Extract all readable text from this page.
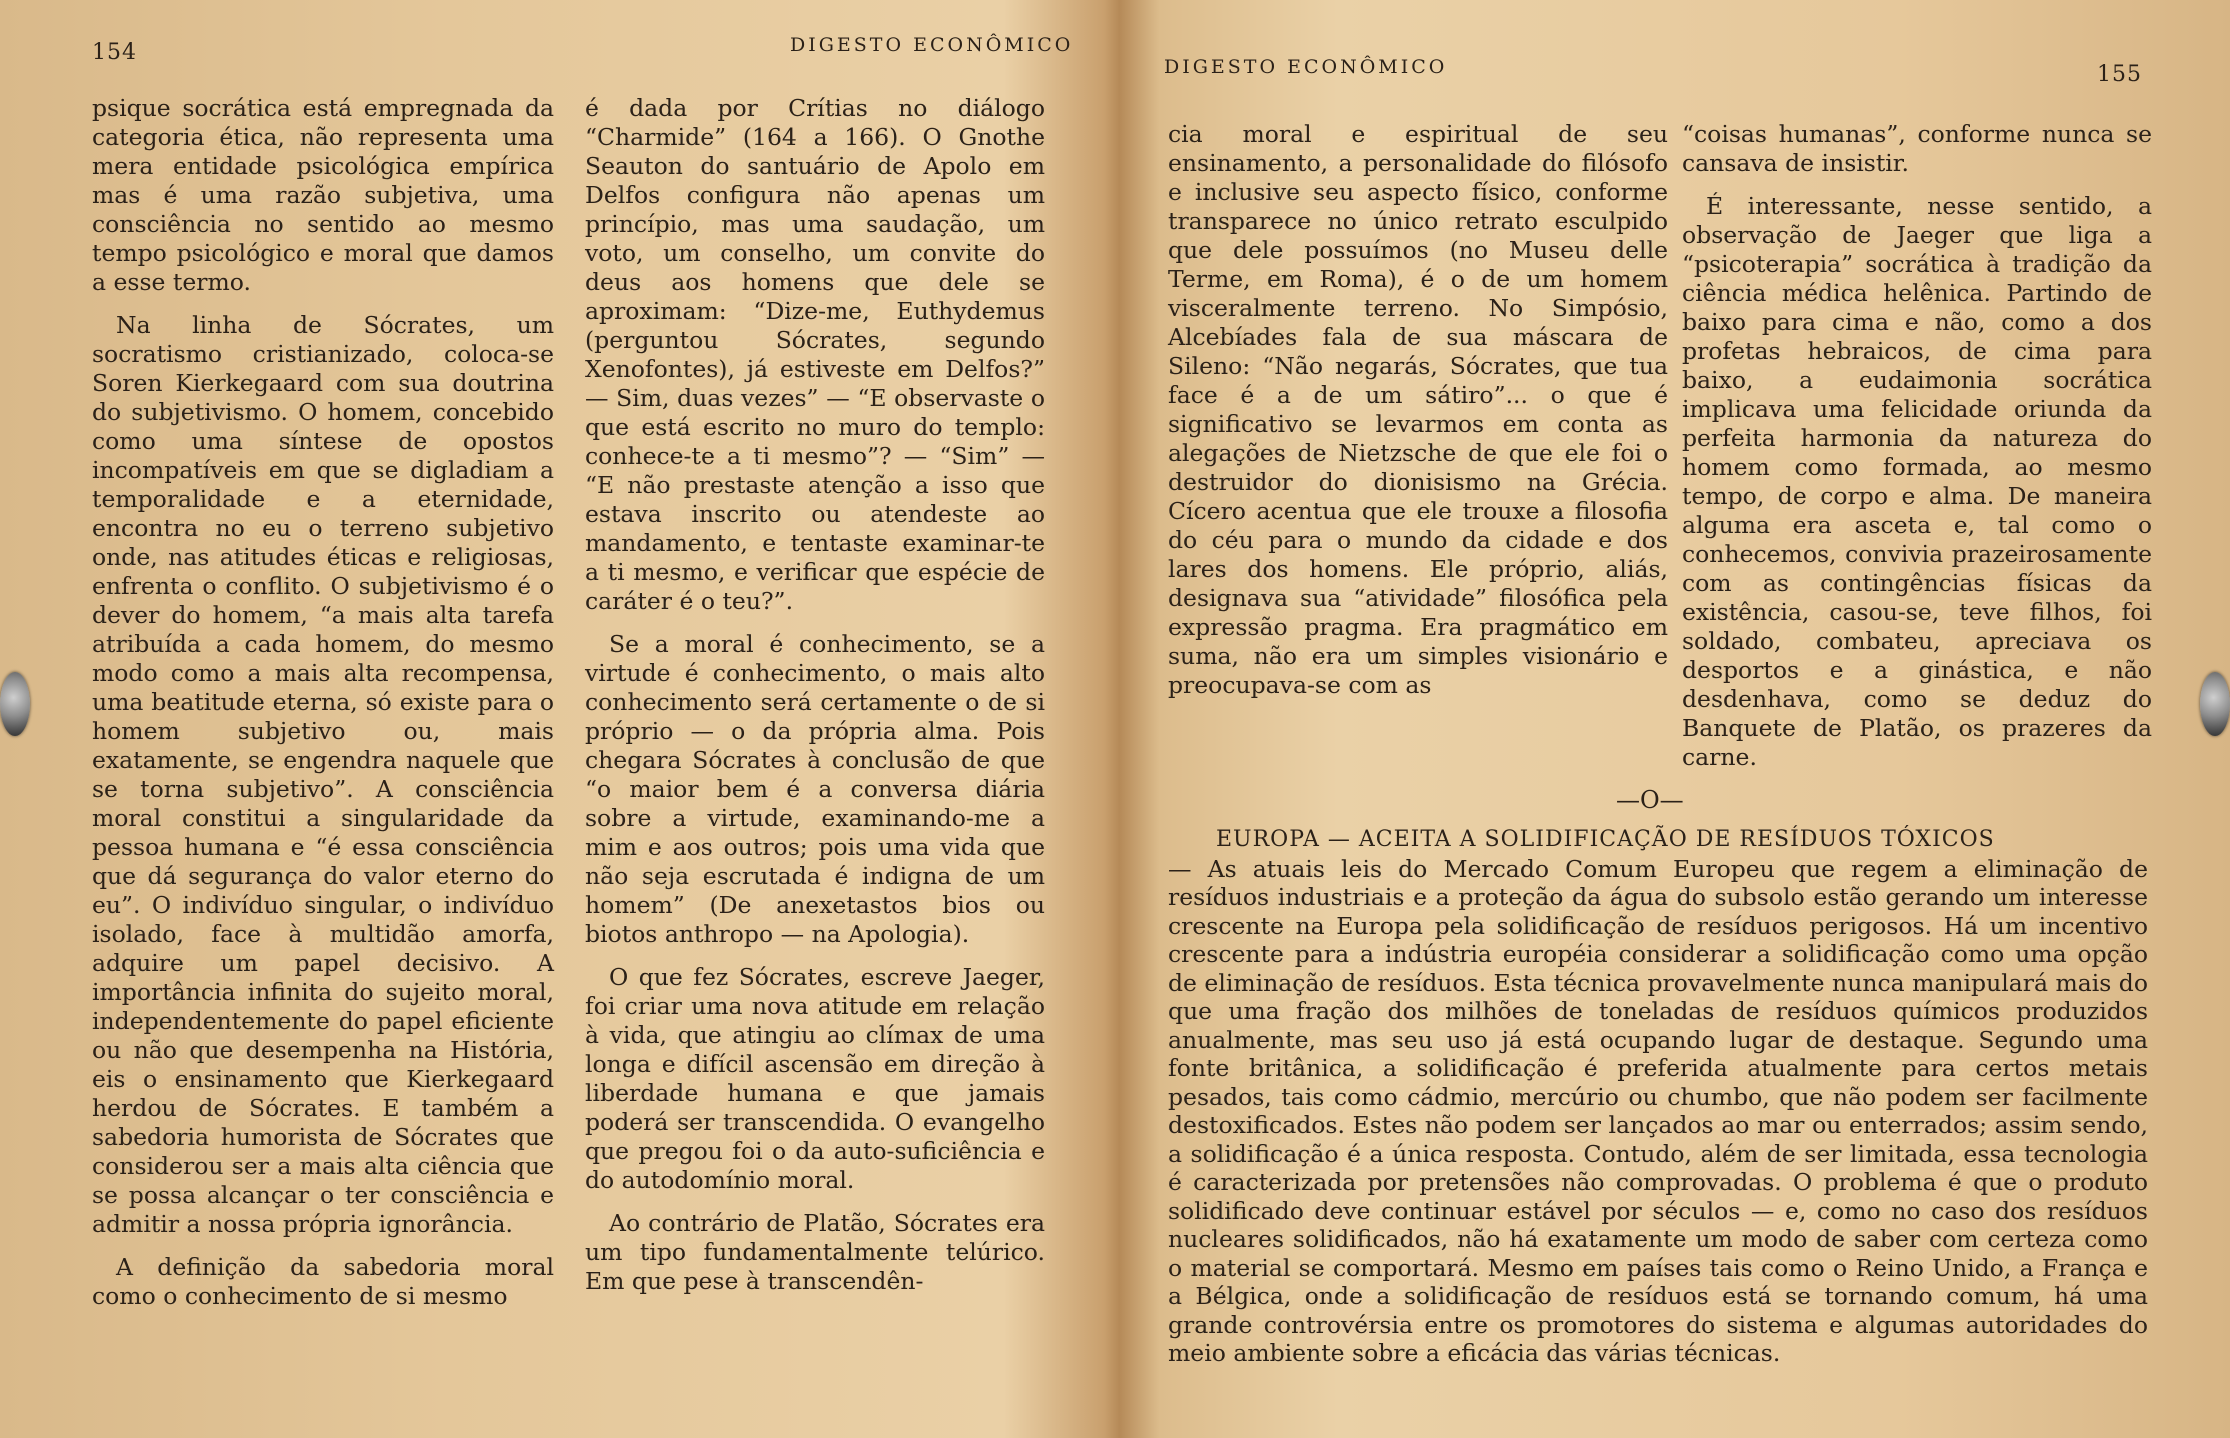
154	DIGESTO ECONÔMICO

psique socrática está empregnada da categoria ética, não representa uma mera entidade psicológica empírica mas é uma razão subjetiva, uma consciência no sentido ao mesmo tempo psicológico e moral que damos a esse termo.

Na linha de Sócrates, um socratismo cristianizado, coloca-se Soren Kierkegaard com sua doutrina do subjetivismo. O homem, concebido como uma síntese de opostos incompatíveis em que se digladiam a temporalidade e a eternidade, encontra no eu o terreno subjetivo onde, nas atitudes éticas e religiosas, enfrenta o conflito. O subjetivismo é o dever do homem, “a mais alta tarefa atribuída a cada homem, do mesmo modo como a mais alta recompensa, uma beatitude eterna, só existe para o homem subjetivo ou, mais exatamente, se engendra naquele que se torna subjetivo”. A consciência moral constitui a singularidade da pessoa humana e “é essa consciência que dá segurança do valor eterno do eu”. O indivíduo singular, o indivíduo isolado, face à multidão amorfa, adquire um papel decisivo. A importância infinita do sujeito moral, independentemente do papel eficiente ou não que desempenha na História, eis o ensinamento que Kierkegaard herdou de Sócrates. E também a sabedoria humorista de Sócrates que considerou ser a mais alta ciência que se possa alcançar o ter consciência e admitir a nossa própria ignorância.

A definição da sabedoria moral como o conhecimento de si mesmo

é dada por Crítias no diálogo “Charmide” (164 a 166). O Gnothe Seauton do santuário de Apolo em Delfos configura não apenas um princípio, mas uma saudação, um voto, um conselho, um convite do deus aos homens que dele se aproximam: “Dize-me, Euthydemus (perguntou Sócrates, segundo Xenofontes), já estiveste em Delfos?” — Sim, duas vezes” — “E observaste o que está escrito no muro do templo: conhece-te a ti mesmo”? — “Sim” — “E não prestaste atenção a isso que estava inscrito ou atendeste ao mandamento, e tentaste examinar-te a ti mesmo, e verificar que espécie de caráter é o teu?”.

Se a moral é conhecimento, se a virtude é conhecimento, o mais alto conhecimento será certamente o de si próprio — o da própria alma. Pois chegara Sócrates à conclusão de que “o maior bem é a conversa diária sobre a virtude, examinando-me a mim e aos outros; pois uma vida que não seja escrutada é indigna de um homem” (De anexetastos bios ou biotos anthropo — na Apologia).

O que fez Sócrates, escreve Jaeger, foi criar uma nova atitude em relação à vida, que atingiu ao clímax de uma longa e difícil ascensão em direção à liberdade humana e que jamais poderá ser transcendida. O evangelho que pregou foi o da auto-suficiência e do autodomínio moral.

Ao contrário de Platão, Sócrates era um tipo fundamentalmente telúrico. Em que pese à transcendên-

DIGESTO ECONÔMICO	155

cia moral e espiritual de seu ensinamento, a personalidade do filósofo e inclusive seu aspecto físico, conforme transparece no único retrato esculpido que dele possuímos (no Museu delle Terme, em Roma), é o de um homem visceralmente terreno. No Simpósio, Alcebíades fala de sua máscara de Sileno: “Não negarás, Sócrates, que tua face é a de um sátiro”... o que é significativo se levarmos em conta as alegações de Nietzsche de que ele foi o destruidor do dionisismo na Grécia. Cícero acentua que ele trouxe a filosofia do céu para o mundo da cidade e dos lares dos homens. Ele próprio, aliás, designava sua “atividade” filosófica pela expressão pragma. Era pragmático em suma, não era um simples visionário e preocupava-se com as

“coisas humanas”, conforme nunca se cansava de insistir.

É interessante, nesse sentido, a observação de Jaeger que liga a “psicoterapia” socrática à tradição da ciência médica helênica. Partindo de baixo para cima e não, como a dos profetas hebraicos, de cima para baixo, a eudaimonia socrática implicava uma felicidade oriunda da perfeita harmonia da natureza do homem como formada, ao mesmo tempo, de corpo e alma. De maneira alguma era asceta e, tal como o conhecemos, convivia prazeirosamente com as contingências físicas da existência, casou-se, teve filhos, foi soldado, combateu, apreciava os desportos e a ginástica, e não desdenhava, como se deduz do Banquete de Platão, os prazeres da carne.

—O—
EUROPA — ACEITA A SOLIDIFICAÇÃO DE RESÍDUOS TÓXICOS
— As atuais leis do Mercado Comum Europeu que regem a eliminação de resíduos industriais e a proteção da água do subsolo estão gerando um interesse crescente na Europa pela solidificação de resíduos perigosos. Há um incentivo crescente para a indústria européia considerar a solidificação como uma opção de eliminação de resíduos. Esta técnica provavelmente nunca manipulará mais do que uma fração dos milhões de toneladas de resíduos químicos produzidos anualmente, mas seu uso já está ocupando lugar de destaque. Segundo uma fonte britânica, a solidificação é preferida atualmente para certos metais pesados, tais como cádmio, mercúrio ou chumbo, que não podem ser facilmente destoxificados. Estes não podem ser lançados ao mar ou enterrados; assim sendo, a solidificação é a única resposta. Contudo, além de ser limitada, essa tecnologia é caracterizada por pretensões não comprovadas. O problema é que o produto solidificado deve continuar estável por séculos — e, como no caso dos resíduos nucleares solidificados, não há exatamente um modo de saber com certeza como o material se comportará. Mesmo em países tais como o Reino Unido, a França e a Bélgica, onde a solidificação de resíduos está se tornando comum, há uma grande controvérsia entre os promotores do sistema e algumas autoridades do meio ambiente sobre a eficácia das várias técnicas.
